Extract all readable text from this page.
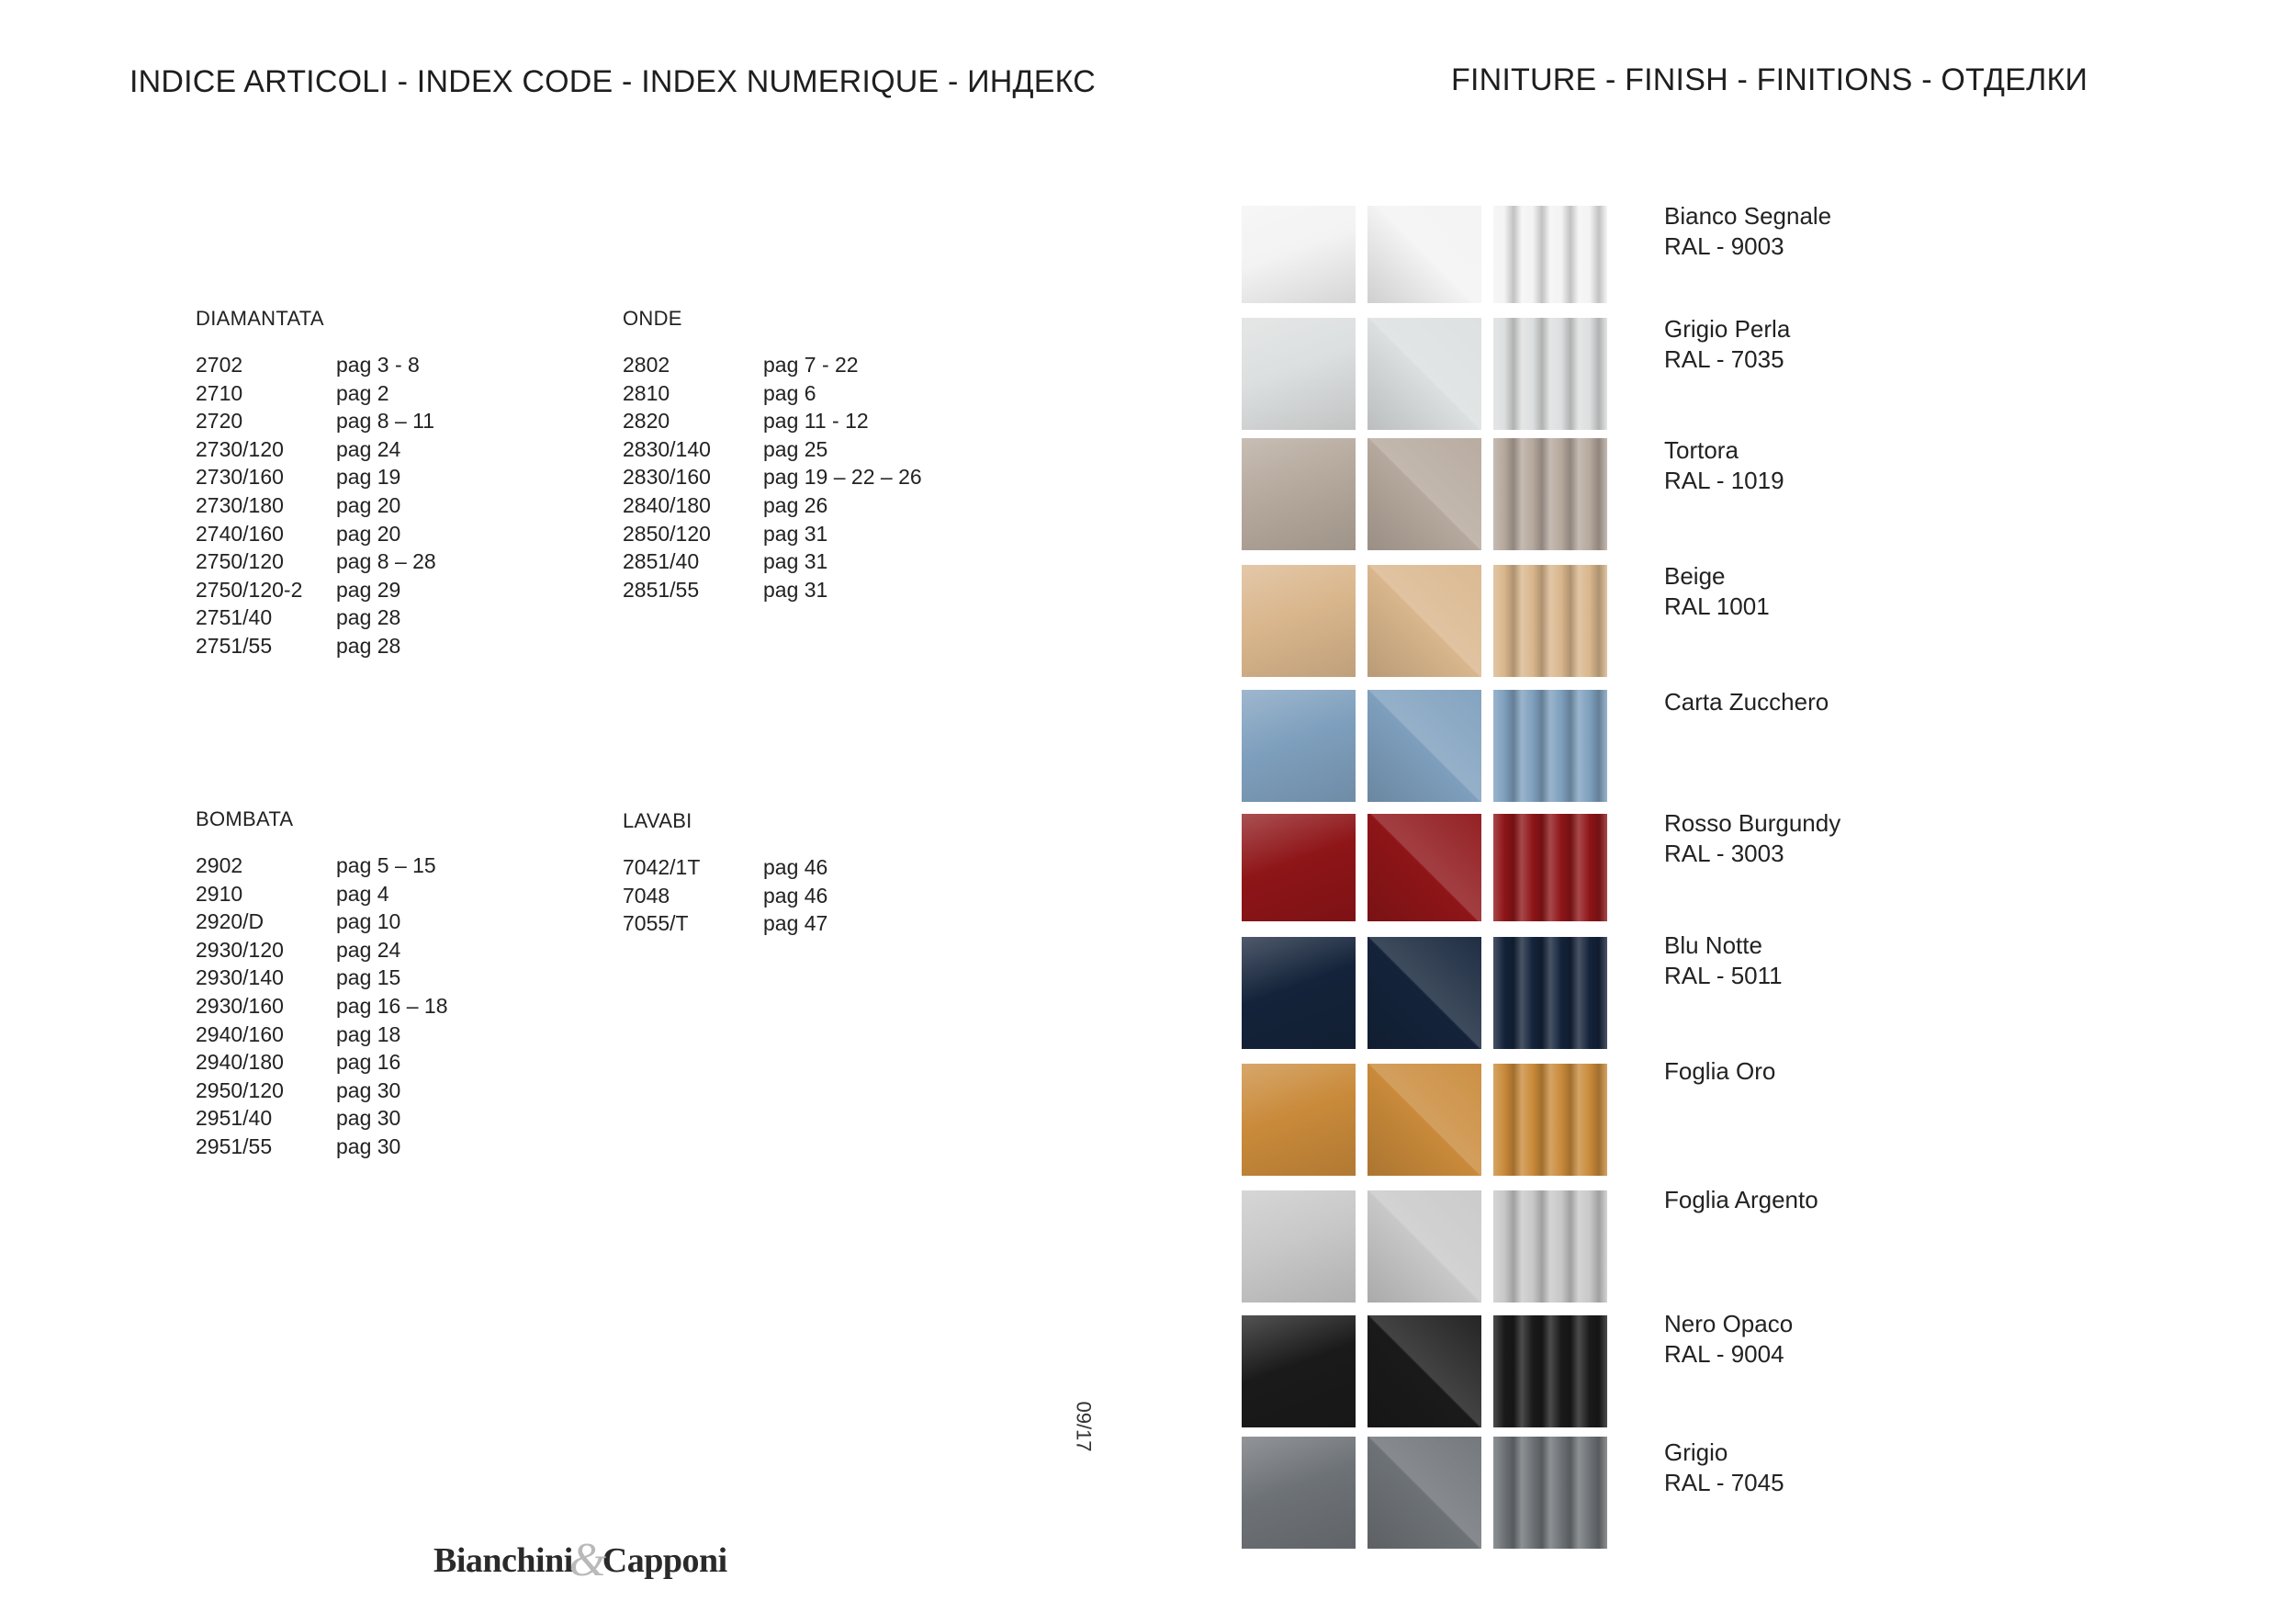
INDICE ARTICOLI - INDEX CODE - INDEX NUMERIQUE - ИНДЕКС	FINITURE - FINISH - FINITIONS - ОТДЕЛКИ
DIAMANTATA
2702	pag 3 - 8
2710	pag 2
2720	pag 8 – 11
2730/120	pag 24
2730/160	pag 19
2730/180	pag 20
2740/160	pag 20
2750/120	pag 8 – 28
2750/120-2	pag 29
2751/40	pag 28
2751/55	pag 28
ONDE
2802	pag 7 - 22
2810	pag 6
2820	pag 11 - 12
2830/140	pag 25
2830/160	pag 19 – 22 – 26
2840/180	pag 26
2850/120	pag 31
2851/40	pag 31
2851/55	pag 31
BOMBATA
2902	pag 5 – 15
2910	pag 4
2920/D	pag 10
2930/120	pag 24
2930/140	pag 15
2930/160	pag 16 – 18
2940/160	pag 18
2940/180	pag 16
2950/120	pag 30
2951/40	pag 30
2951/55	pag 30
LAVABI
7042/1T	pag 46
7048	pag 46
7055/T	pag 47
09/17
Bianchini&Capponi
Bianco Segnale
RAL - 9003
Grigio Perla
RAL - 7035
Tortora
RAL - 1019
Beige
RAL 1001
Carta Zucchero
Rosso Burgundy
RAL - 3003
Blu Notte
RAL - 5011
Foglia Oro
Foglia Argento
Nero Opaco
RAL - 9004
Grigio
RAL - 7045
